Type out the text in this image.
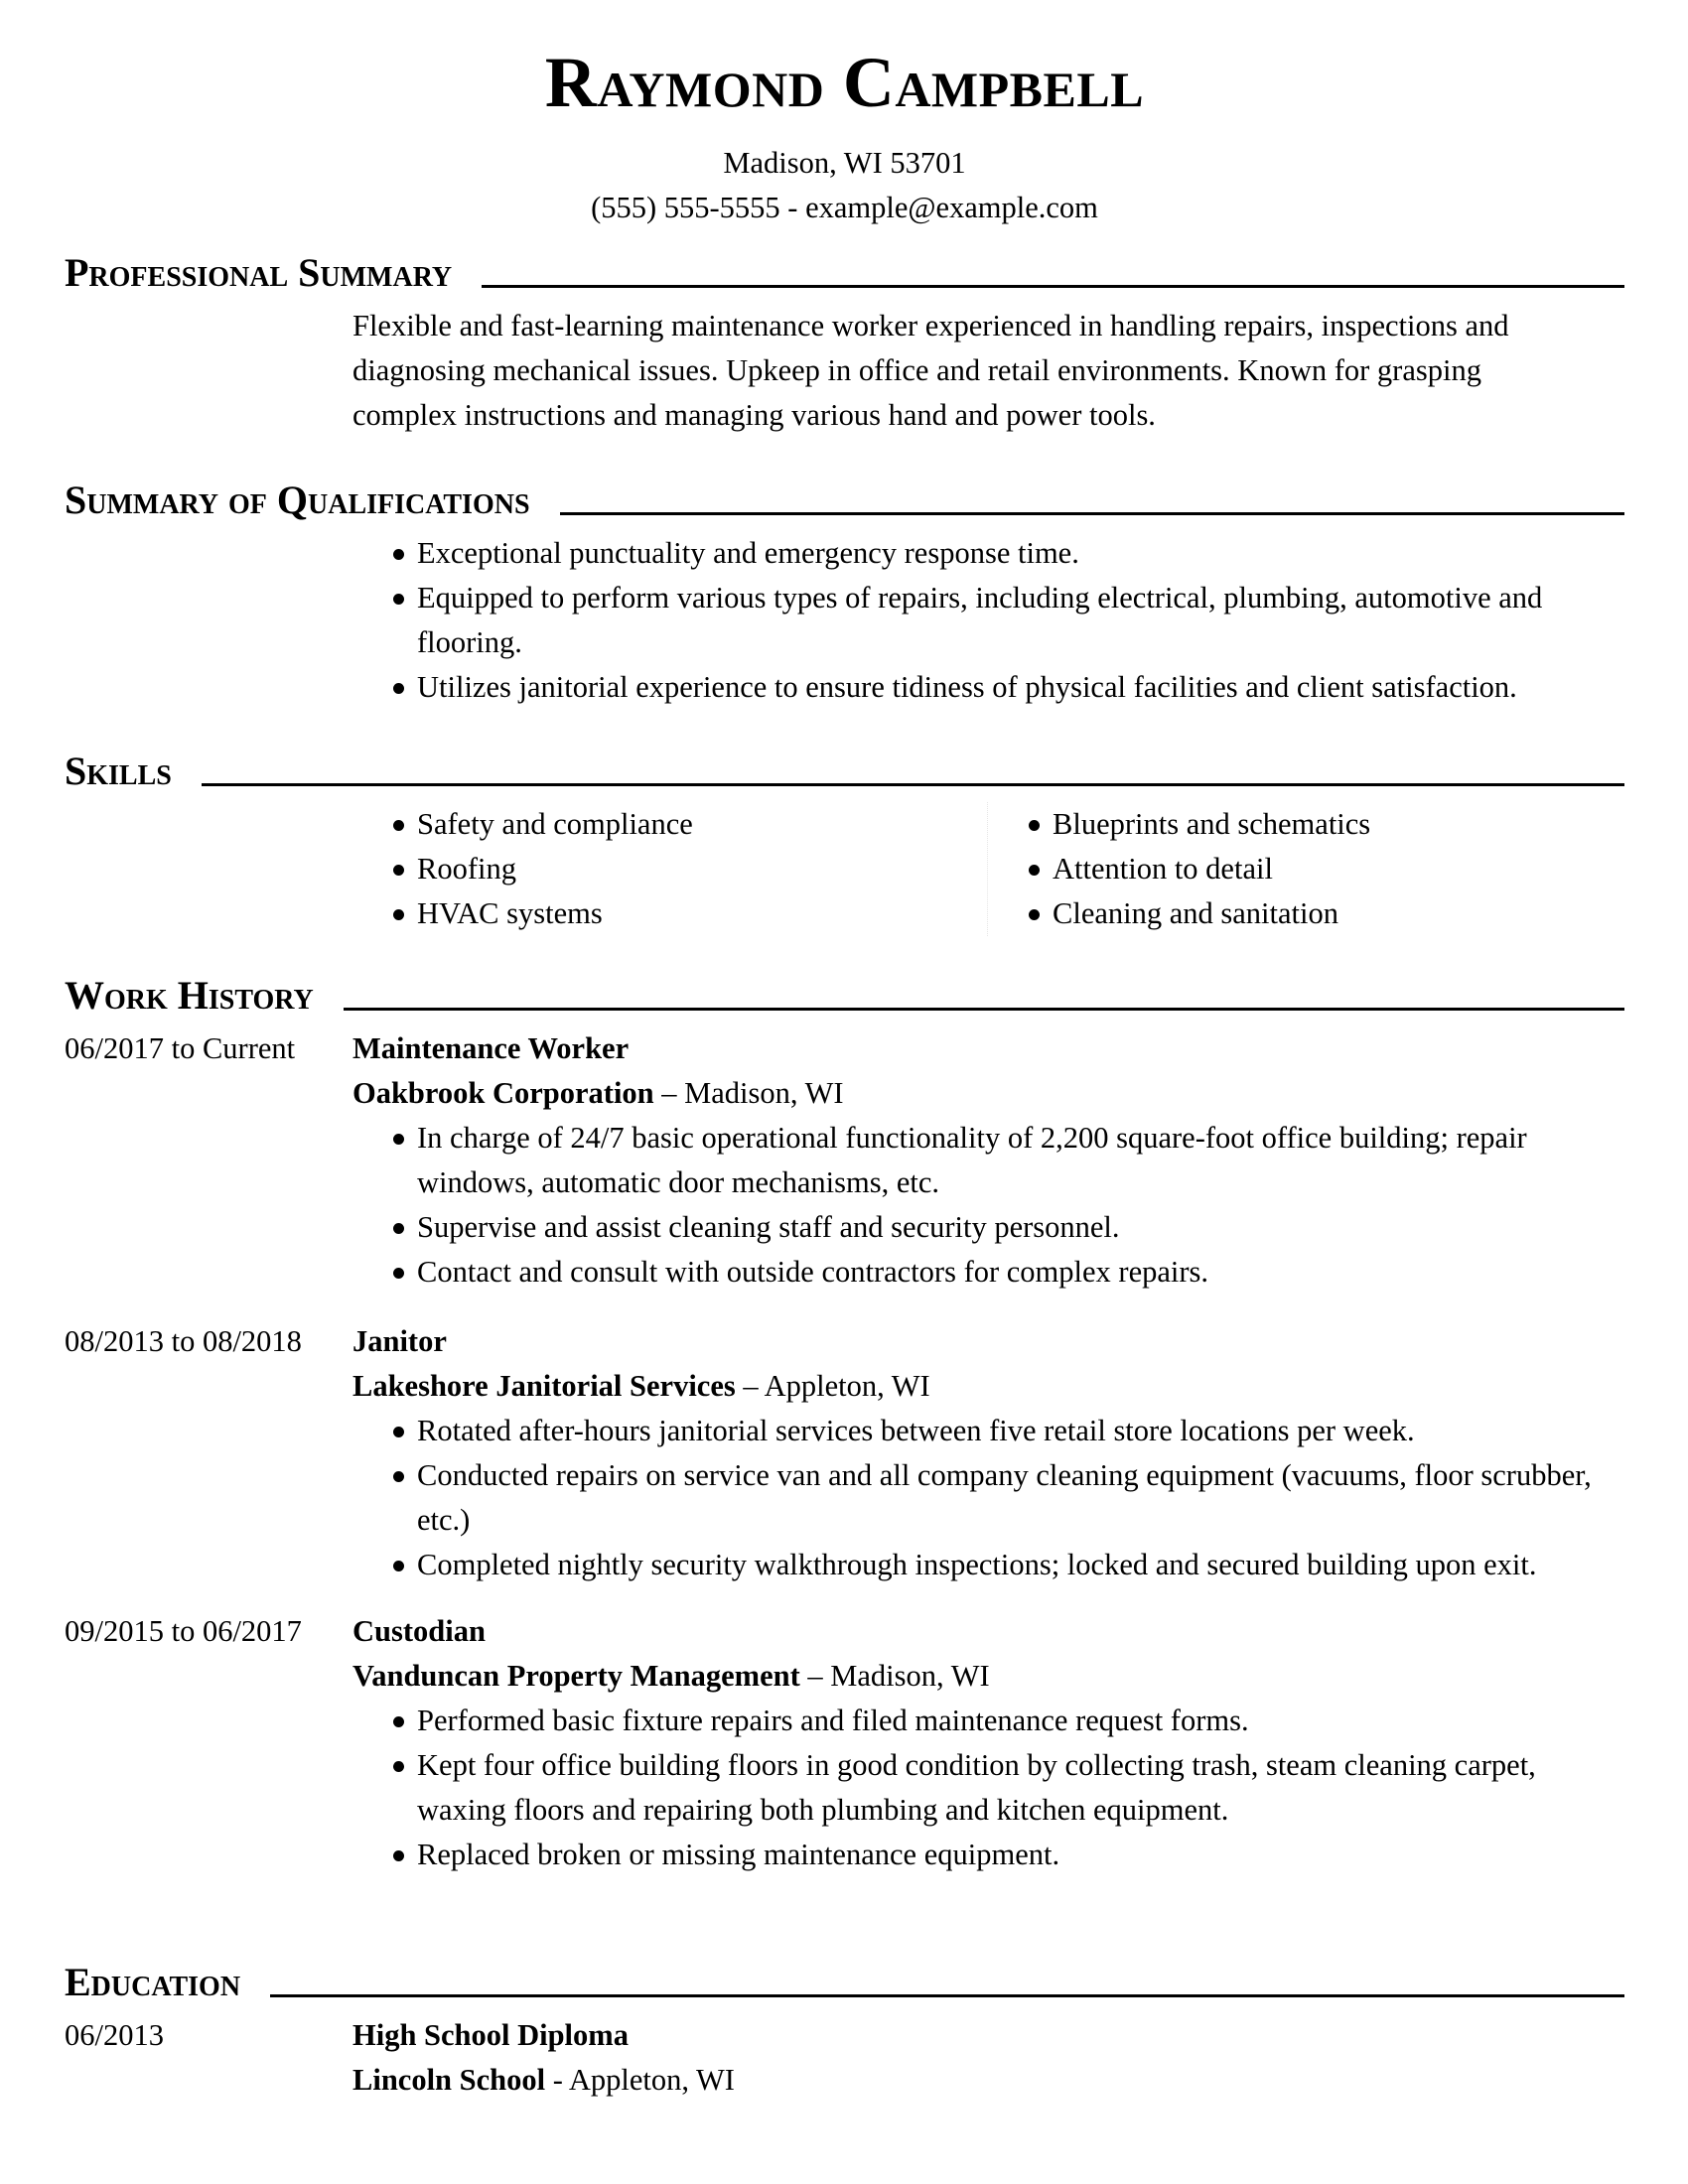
Raymond Campbell
Madison, WI 53701
(555) 555-5555 - example@example.com
Professional Summary
Flexible and fast-learning maintenance worker experienced in handling repairs, inspections and
diagnosing mechanical issues. Upkeep in office and retail environments. Known for grasping
complex instructions and managing various hand and power tools.
Summary of Qualifications
Exceptional punctuality and emergency response time.
Equipped to perform various types of repairs, including electrical, plumbing, automotive and flooring.
Utilizes janitorial experience to ensure tidiness of physical facilities and client satisfaction.
Skills
Safety and compliance
Roofing
HVAC systems
Blueprints and schematics
Attention to detail
Cleaning and sanitation
Work History
06/2017 to Current	Maintenance Worker
Oakbrook Corporation – Madison, WI
In charge of 24/7 basic operational functionality of 2,200 square-foot office building; repair windows, automatic door mechanisms, etc.
Supervise and assist cleaning staff and security personnel.
Contact and consult with outside contractors for complex repairs.
08/2013 to 08/2018	Janitor
Lakeshore Janitorial Services – Appleton, WI
Rotated after-hours janitorial services between five retail store locations per week.
Conducted repairs on service van and all company cleaning equipment (vacuums, floor scrubber, etc.)
Completed nightly security walkthrough inspections; locked and secured building upon exit.
09/2015 to 06/2017	Custodian
Vanduncan Property Management – Madison, WI
Performed basic fixture repairs and filed maintenance request forms.
Kept four office building floors in good condition by collecting trash, steam cleaning carpet, waxing floors and repairing both plumbing and kitchen equipment.
Replaced broken or missing maintenance equipment.
Education
06/2013	High School Diploma
Lincoln School - Appleton, WI
